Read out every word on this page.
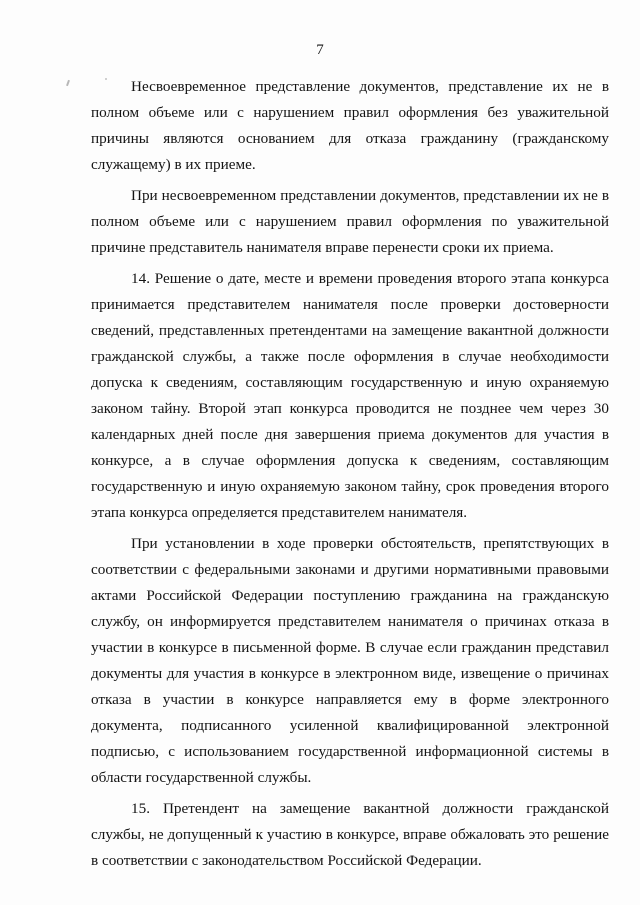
7

Несвоевременное представление документов, представление их не в полном объеме или с нарушением правил оформления без уважительной причины являются основанием для отказа гражданину (гражданскому служащему) в их приеме.

При несвоевременном представлении документов, представлении их не в полном объеме или с нарушением правил оформления по уважительной причине представитель нанимателя вправе перенести сроки их приема.

14. Решение о дате, месте и времени проведения второго этапа конкурса принимается представителем нанимателя после проверки достоверности сведений, представленных претендентами на замещение вакантной должности гражданской службы, а также после оформления в случае необходимости допуска к сведениям, составляющим государственную и иную охраняемую законом тайну. Второй этап конкурса проводится не позднее чем через 30 календарных дней после дня завершения приема документов для участия в конкурсе, а в случае оформления допуска к сведениям, составляющим государственную и иную охраняемую законом тайну, срок проведения второго этапа конкурса определяется представителем нанимателя.

При установлении в ходе проверки обстоятельств, препятствующих в соответствии с федеральными законами и другими нормативными правовыми актами Российской Федерации поступлению гражданина на гражданскую службу, он информируется представителем нанимателя о причинах отказа в участии в конкурсе в письменной форме. В случае если гражданин представил документы для участия в конкурсе в электронном виде, извещение о причинах отказа в участии в конкурсе направляется ему в форме электронного документа, подписанного усиленной квалифицированной электронной подписью, с использованием государственной информационной системы в области государственной службы.

15. Претендент на замещение вакантной должности гражданской службы, не допущенный к участию в конкурсе, вправе обжаловать это решение в соответствии с законодательством Российской Федерации.
